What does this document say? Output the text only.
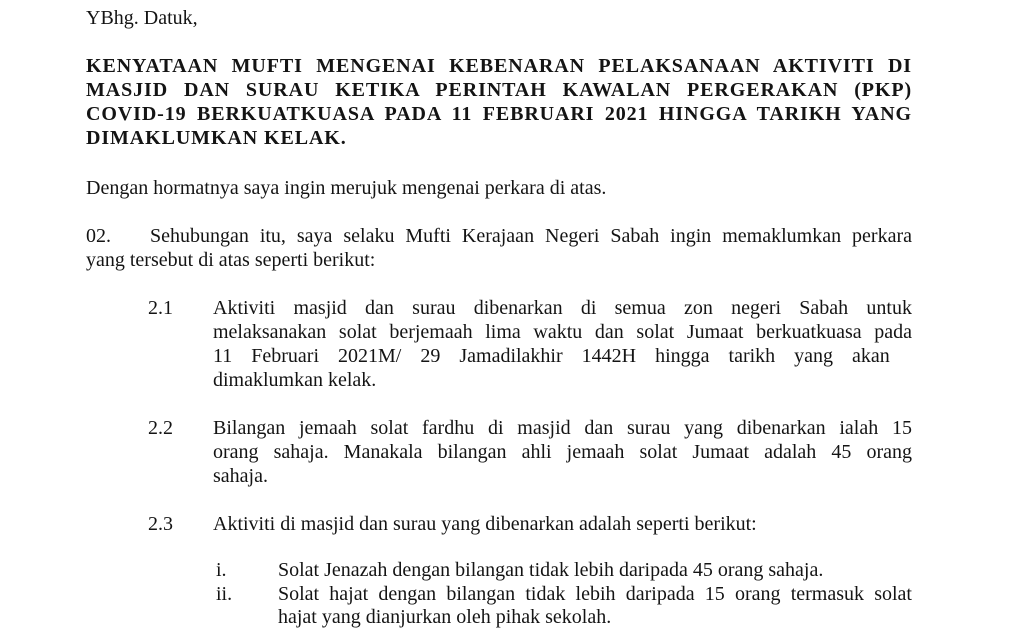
YBhg. Datuk,
KENYATAAN MUFTI MENGENAI KEBENARAN PELAKSANAAN AKTIVITI DI
MASJID DAN SURAU KETIKA PERINTAH KAWALAN PERGERAKAN (PKP)
COVID-19 BERKUATKUASA PADA 11 FEBRUARI 2021 HINGGA TARIKH YANG
DIMAKLUMKAN KELAK.
Dengan hormatnya saya ingin merujuk mengenai perkara di atas.
02. Sehubungan itu, saya selaku Mufti Kerajaan Negeri Sabah ingin memaklumkan perkara
yang tersebut di atas seperti berikut:
2.1 Aktiviti masjid dan surau dibenarkan di semua zon negeri Sabah untuk
melaksanakan solat berjemaah lima waktu dan solat Jumaat berkuatkuasa pada
11 Februari 2021M/ 29 Jamadilakhir 1442H hingga tarikh yang akan
dimaklumkan kelak.
2.2 Bilangan jemaah solat fardhu di masjid dan surau yang dibenarkan ialah 15
orang sahaja. Manakala bilangan ahli jemaah solat Jumaat adalah 45 orang
sahaja.
2.3 Aktiviti di masjid dan surau yang dibenarkan adalah seperti berikut:
i.	Solat Jenazah dengan bilangan tidak lebih daripada 45 orang sahaja.
ii. Solat hajat dengan bilangan tidak lebih daripada 15 orang termasuk solat
hajat yang dianjurkan oleh pihak sekolah.
